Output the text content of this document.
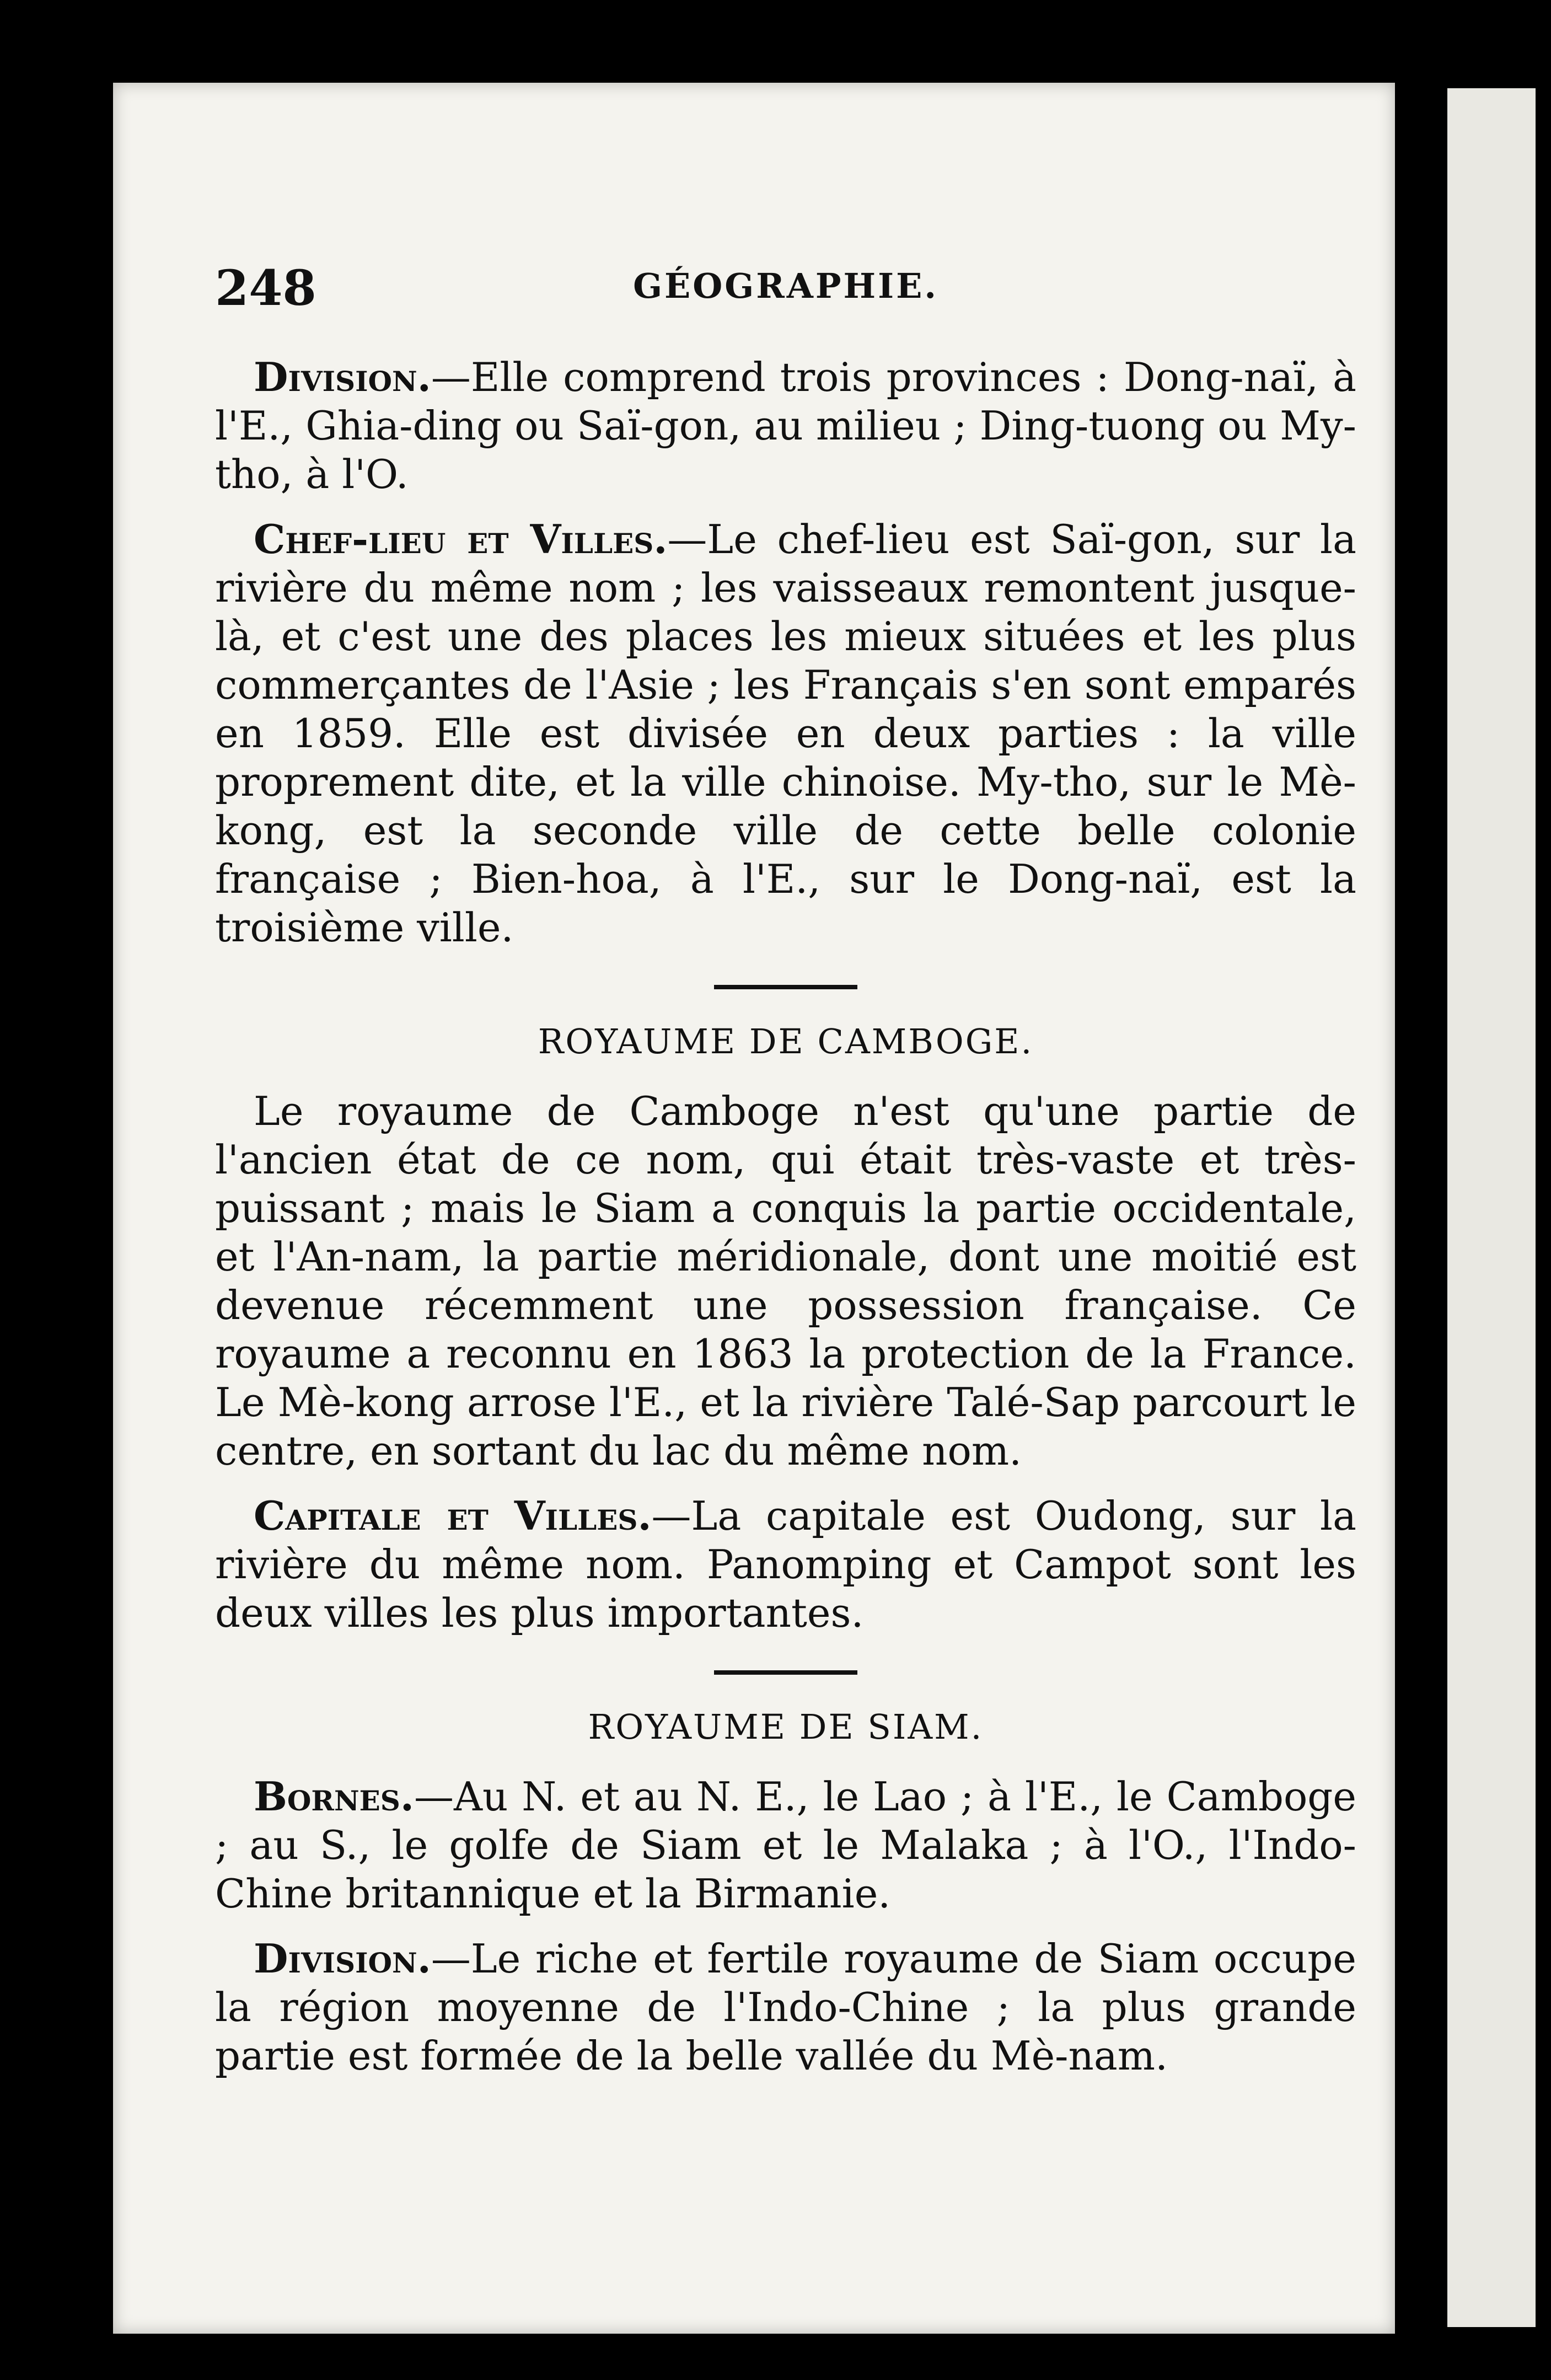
248	GÉOGRAPHIE.

Division.—Elle comprend trois provinces : Dong-naï, à l'E., Ghia-ding ou Saï-gon, au milieu ; Ding-tuong ou My-tho, à l'O.

Chef-lieu et Villes.—Le chef-lieu est Saï-gon, sur la rivière du même nom ; les vaisseaux remontent jusque-là, et c'est une des places les mieux situées et les plus commerçantes de l'Asie ; les Français s'en sont emparés en 1859. Elle est divisée en deux parties : la ville proprement dite, et la ville chinoise. My-tho, sur le Mè-kong, est la seconde ville de cette belle colonie française ; Bien-hoa, à l'E., sur le Dong-naï, est la troisième ville.

ROYAUME DE CAMBOGE.

Le royaume de Camboge n'est qu'une partie de l'ancien état de ce nom, qui était très-vaste et très-puissant ; mais le Siam a conquis la partie occidentale, et l'An-nam, la partie méridionale, dont une moitié est devenue récemment une possession française. Ce royaume a reconnu en 1863 la protection de la France. Le Mè-kong arrose l'E., et la rivière Talé-Sap parcourt le centre, en sortant du lac du même nom.

Capitale et Villes.—La capitale est Oudong, sur la rivière du même nom. Panomping et Campot sont les deux villes les plus importantes.

ROYAUME DE SIAM.

Bornes.—Au N. et au N. E., le Lao ; à l'E., le Camboge ; au S., le golfe de Siam et le Malaka ; à l'O., l'Indo-Chine britannique et la Birmanie.

Division.—Le riche et fertile royaume de Siam occupe la région moyenne de l'Indo-Chine ; la plus grande partie est formée de la belle vallée du Mè-nam.
